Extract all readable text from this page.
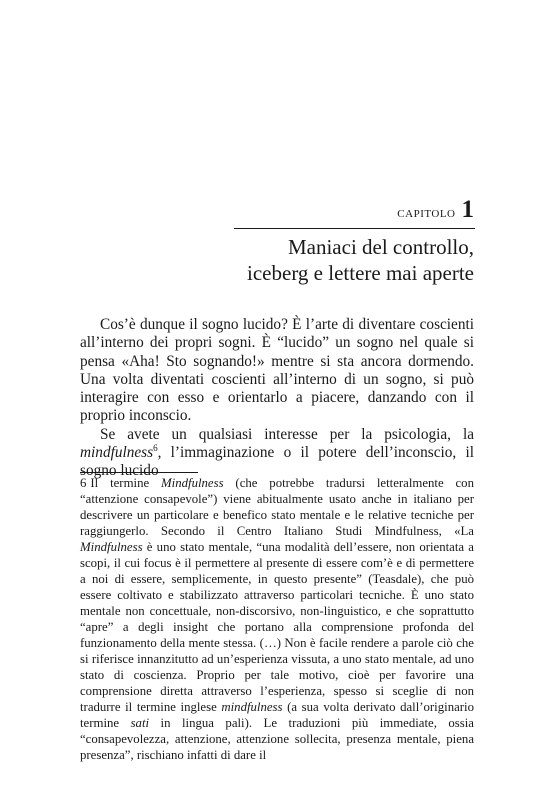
CAPITOLO 1
Maniaci del controllo,
iceberg e lettere mai aperte

Cos’è dunque il sogno lucido? È l’arte di diventare coscienti all’interno dei propri sogni. È “lucido” un sogno nel quale si pensa «Aha! Sto sognando!» mentre si sta ancora dormendo. Una volta diventati coscienti all’interno di un sogno, si può interagire con esso e orientarlo a piacere, danzando con il proprio inconscio.

Se avete un qualsiasi interesse per la psicologia, la mindfulness$^6$, l’immaginazione o il potere dell’inconscio, il sogno lucido

6 Il termine Mindfulness (che potrebbe tradursi letteralmente con “attenzione consapevole”) viene abitualmente usato anche in italiano per descrivere un particolare e benefico stato mentale e le relative tecniche per raggiungerlo. Secondo il Centro Italiano Studi Mindfulness, «La Mindfulness è uno stato mentale, “una modalità dell’essere, non orientata a scopi, il cui focus è il permettere al presente di essere com’è e di permettere a noi di essere, semplicemente, in questo presente” (Teasdale), che può essere coltivato e stabilizzato attraverso particolari tecniche. È uno stato mentale non concettuale, non-discorsivo, non-linguistico, e che soprattutto “apre” a degli insight che portano alla comprensione profonda del funzionamento della mente stessa. (…) Non è facile rendere a parole ciò che si riferisce innanzitutto ad un’esperienza vissuta, a uno stato mentale, ad uno stato di coscienza. Proprio per tale motivo, cioè per favorire una comprensione diretta attraverso l’esperienza, spesso si sceglie di non tradurre il termine inglese mindfulness (a sua volta derivato dall’originario termine sati in lingua pali). Le traduzioni più immediate, ossia “consapevolezza, attenzione, attenzione sollecita, presenza mentale, piena presenza”, rischiano infatti di dare il
